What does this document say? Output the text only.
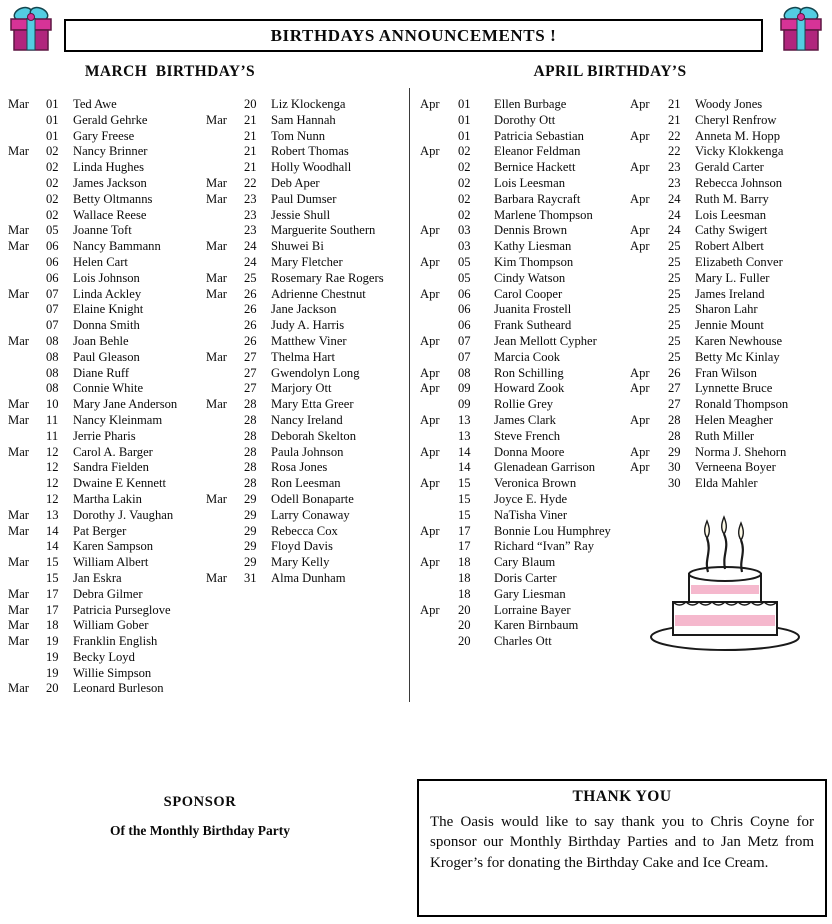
BIRTHDAYS ANNOUNCEMENTS !
MARCH  BIRTHDAY’S	APRIL BIRTHDAY’S
Mar	01	Ted Awe
01	Gerald Gehrke
01	Gary Freese
Mar	02	Nancy Brinner
02	Linda Hughes
02	James Jackson
02	Betty Oltmanns
02	Wallace Reese
Mar	05	Joanne Toft
Mar	06	Nancy Bammann
06	Helen Cart
06	Lois Johnson
Mar	07	Linda Ackley
07	Elaine Knight
07	Donna Smith
Mar	08	Joan Behle
08	Paul Gleason
08	Diane Ruff
08	Connie White
Mar	10	Mary Jane Anderson
Mar	11	Nancy Kleinmam
11	Jerrie Pharis
Mar	12	Carol A. Barger
12	Sandra Fielden
12	Dwaine E Kennett
12	Martha Lakin
Mar	13	Dorothy J. Vaughan
Mar	14	Pat Berger
14	Karen Sampson
Mar	15	William Albert
15	Jan Eskra
Mar	17	Debra Gilmer
Mar	17	Patricia Purseglove
Mar	18	William Gober
Mar	19	Franklin English
19	Becky Loyd
19	Willie Simpson
Mar	20	Leonard Burleson
20	Liz Klockenga
Mar	21	Sam Hannah
21	Tom Nunn
21	Robert Thomas
21	Holly Woodhall
Mar	22	Deb Aper
Mar	23	Paul Dumser
23	Jessie Shull
23	Marguerite Southern
Mar	24	Shuwei Bi
24	Mary Fletcher
Mar	25	Rosemary Rae Rogers
Mar	26	Adrienne Chestnut
26	Jane Jackson
26	Judy A. Harris
26	Matthew Viner
Mar	27	Thelma Hart
27	Gwendolyn Long
27	Marjory Ott
Mar	28	Mary Etta Greer
28	Nancy Ireland
28	Deborah Skelton
28	Paula Johnson
28	Rosa Jones
28	Ron Leesman
Mar	29	Odell Bonaparte
29	Larry Conaway
29	Rebecca Cox
29	Floyd Davis
29	Mary Kelly
Mar	31	Alma Dunham
Apr	01	Ellen Burbage
01	Dorothy Ott
01	Patricia Sebastian
Apr	02	Eleanor Feldman
02	Bernice Hackett
02	Lois Leesman
02	Barbara Raycraft
02	Marlene Thompson
Apr	03	Dennis Brown
03	Kathy Liesman
Apr	05	Kim Thompson
05	Cindy Watson
Apr	06	Carol Cooper
06	Juanita Frostell
06	Frank Sutheard
Apr	07	Jean Mellott Cypher
07	Marcia Cook
Apr	08	Ron Schilling
Apr	09	Howard Zook
09	Rollie Grey
Apr	13	James Clark
13	Steve French
Apr	14	Donna Moore
14	Glenadean Garrison
Apr	15	Veronica Brown
15	Joyce E. Hyde
15	NaTisha Viner
Apr	17	Bonnie Lou Humphrey
17	Richard “Ivan” Ray
Apr	18	Cary Blaum
18	Doris Carter
18	Gary Liesman
Apr	20	Lorraine Bayer
20	Karen Birnbaum
20	Charles Ott
Apr	21	Woody Jones
21	Cheryl Renfrow
Apr	22	Anneta M. Hopp
22	Vicky Klokkenga
Apr	23	Gerald Carter
23	Rebecca Johnson
Apr	24	Ruth M. Barry
24	Lois Leesman
Apr	24	Cathy Swigert
Apr	25	Robert Albert
25	Elizabeth Conver
25	Mary L. Fuller
25	James Ireland
25	Sharon Lahr
25	Jennie Mount
25	Karen Newhouse
25	Betty Mc Kinlay
Apr	26	Fran Wilson
Apr	27	Lynnette Bruce
27	Ronald Thompson
Apr	28	Helen Meagher
28	Ruth Miller
Apr	29	Norma J. Shehorn
Apr	30	Verneena Boyer
30	Elda Mahler
SPONSOR
Of the Monthly Birthday Party
THANK YOU
The Oasis would like to say thank you to Chris Coyne for sponsor our Monthly Birthday Parties and to Jan Metz from Kroger’s for donating the Birthday Cake and Ice Cream.
